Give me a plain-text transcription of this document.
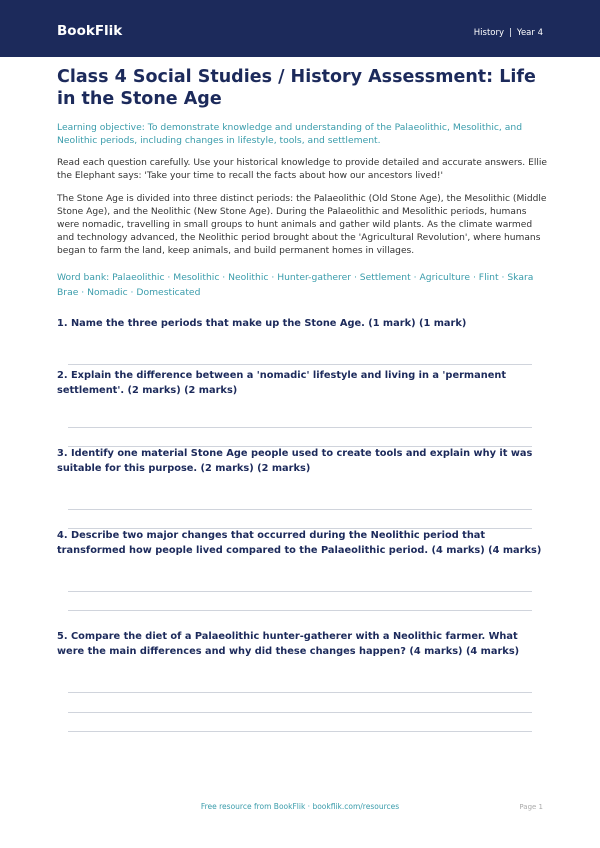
BookFlik	History | Year 4
Class 4 Social Studies / History Assessment: Life in the Stone Age
Learning objective: To demonstrate knowledge and understanding of the Palaeolithic, Mesolithic, and Neolithic periods, including changes in lifestyle, tools, and settlement.
Read each question carefully. Use your historical knowledge to provide detailed and accurate answers. Ellie the Elephant says: 'Take your time to recall the facts about how our ancestors lived!'
The Stone Age is divided into three distinct periods: the Palaeolithic (Old Stone Age), the Mesolithic (Middle Stone Age), and the Neolithic (New Stone Age). During the Palaeolithic and Mesolithic periods, humans were nomadic, travelling in small groups to hunt animals and gather wild plants. As the climate warmed and technology advanced, the Neolithic period brought about the 'Agricultural Revolution', where humans began to farm the land, keep animals, and build permanent homes in villages.
Word bank: Palaeolithic · Mesolithic · Neolithic · Hunter-gatherer · Settlement · Agriculture · Flint · Skara Brae · Nomadic · Domesticated

1. Name the three periods that make up the Stone Age. (1 mark) (1 mark)

2. Explain the difference between a 'nomadic' lifestyle and living in a 'permanent settlement'. (2 marks) (2 marks)

3. Identify one material Stone Age people used to create tools and explain why it was suitable for this purpose. (2 marks) (2 marks)

4. Describe two major changes that occurred during the Neolithic period that transformed how people lived compared to the Palaeolithic period. (4 marks) (4 marks)

5. Compare the diet of a Palaeolithic hunter-gatherer with a Neolithic farmer. What were the main differences and why did these changes happen? (4 marks) (4 marks)

Free resource from BookFlik · bookflik.com/resources	Page 1
